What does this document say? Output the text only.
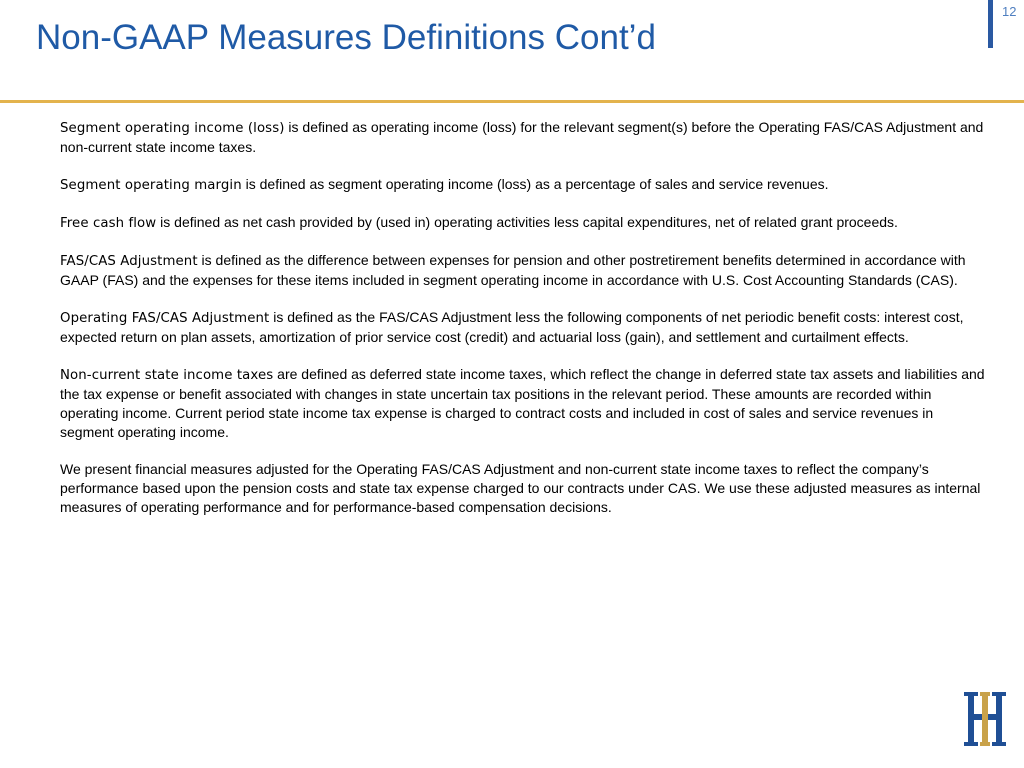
Non-GAAP Measures Definitions Cont’d
12

Segment operating income (loss) is defined as operating income (loss) for the relevant segment(s) before the Operating FAS/CAS Adjustment and non-current state income taxes.

Segment operating margin is defined as segment operating income (loss) as a percentage of sales and service revenues.

Free cash flow is defined as net cash provided by (used in) operating activities less capital expenditures, net of related grant proceeds.

FAS/CAS Adjustment is defined as the difference between expenses for pension and other postretirement benefits determined in accordance with GAAP (FAS) and the expenses for these items included in segment operating income in accordance with U.S. Cost Accounting Standards (CAS).

Operating FAS/CAS Adjustment is defined as the FAS/CAS Adjustment less the following components of net periodic benefit costs: interest cost, expected return on plan assets, amortization of prior service cost (credit) and actuarial loss (gain), and settlement and curtailment effects.

Non-current state income taxes are defined as deferred state income taxes, which reflect the change in deferred state tax assets and liabilities and the tax expense or benefit associated with changes in state uncertain tax positions in the relevant period. These amounts are recorded within operating income. Current period state income tax expense is charged to contract costs and included in cost of sales and service revenues in segment operating income.

We present financial measures adjusted for the Operating FAS/CAS Adjustment and non-current state income taxes to reflect the company’s performance based upon the pension costs and state tax expense charged to our contracts under CAS. We use these adjusted measures as internal measures of operating performance and for performance-based compensation decisions.
